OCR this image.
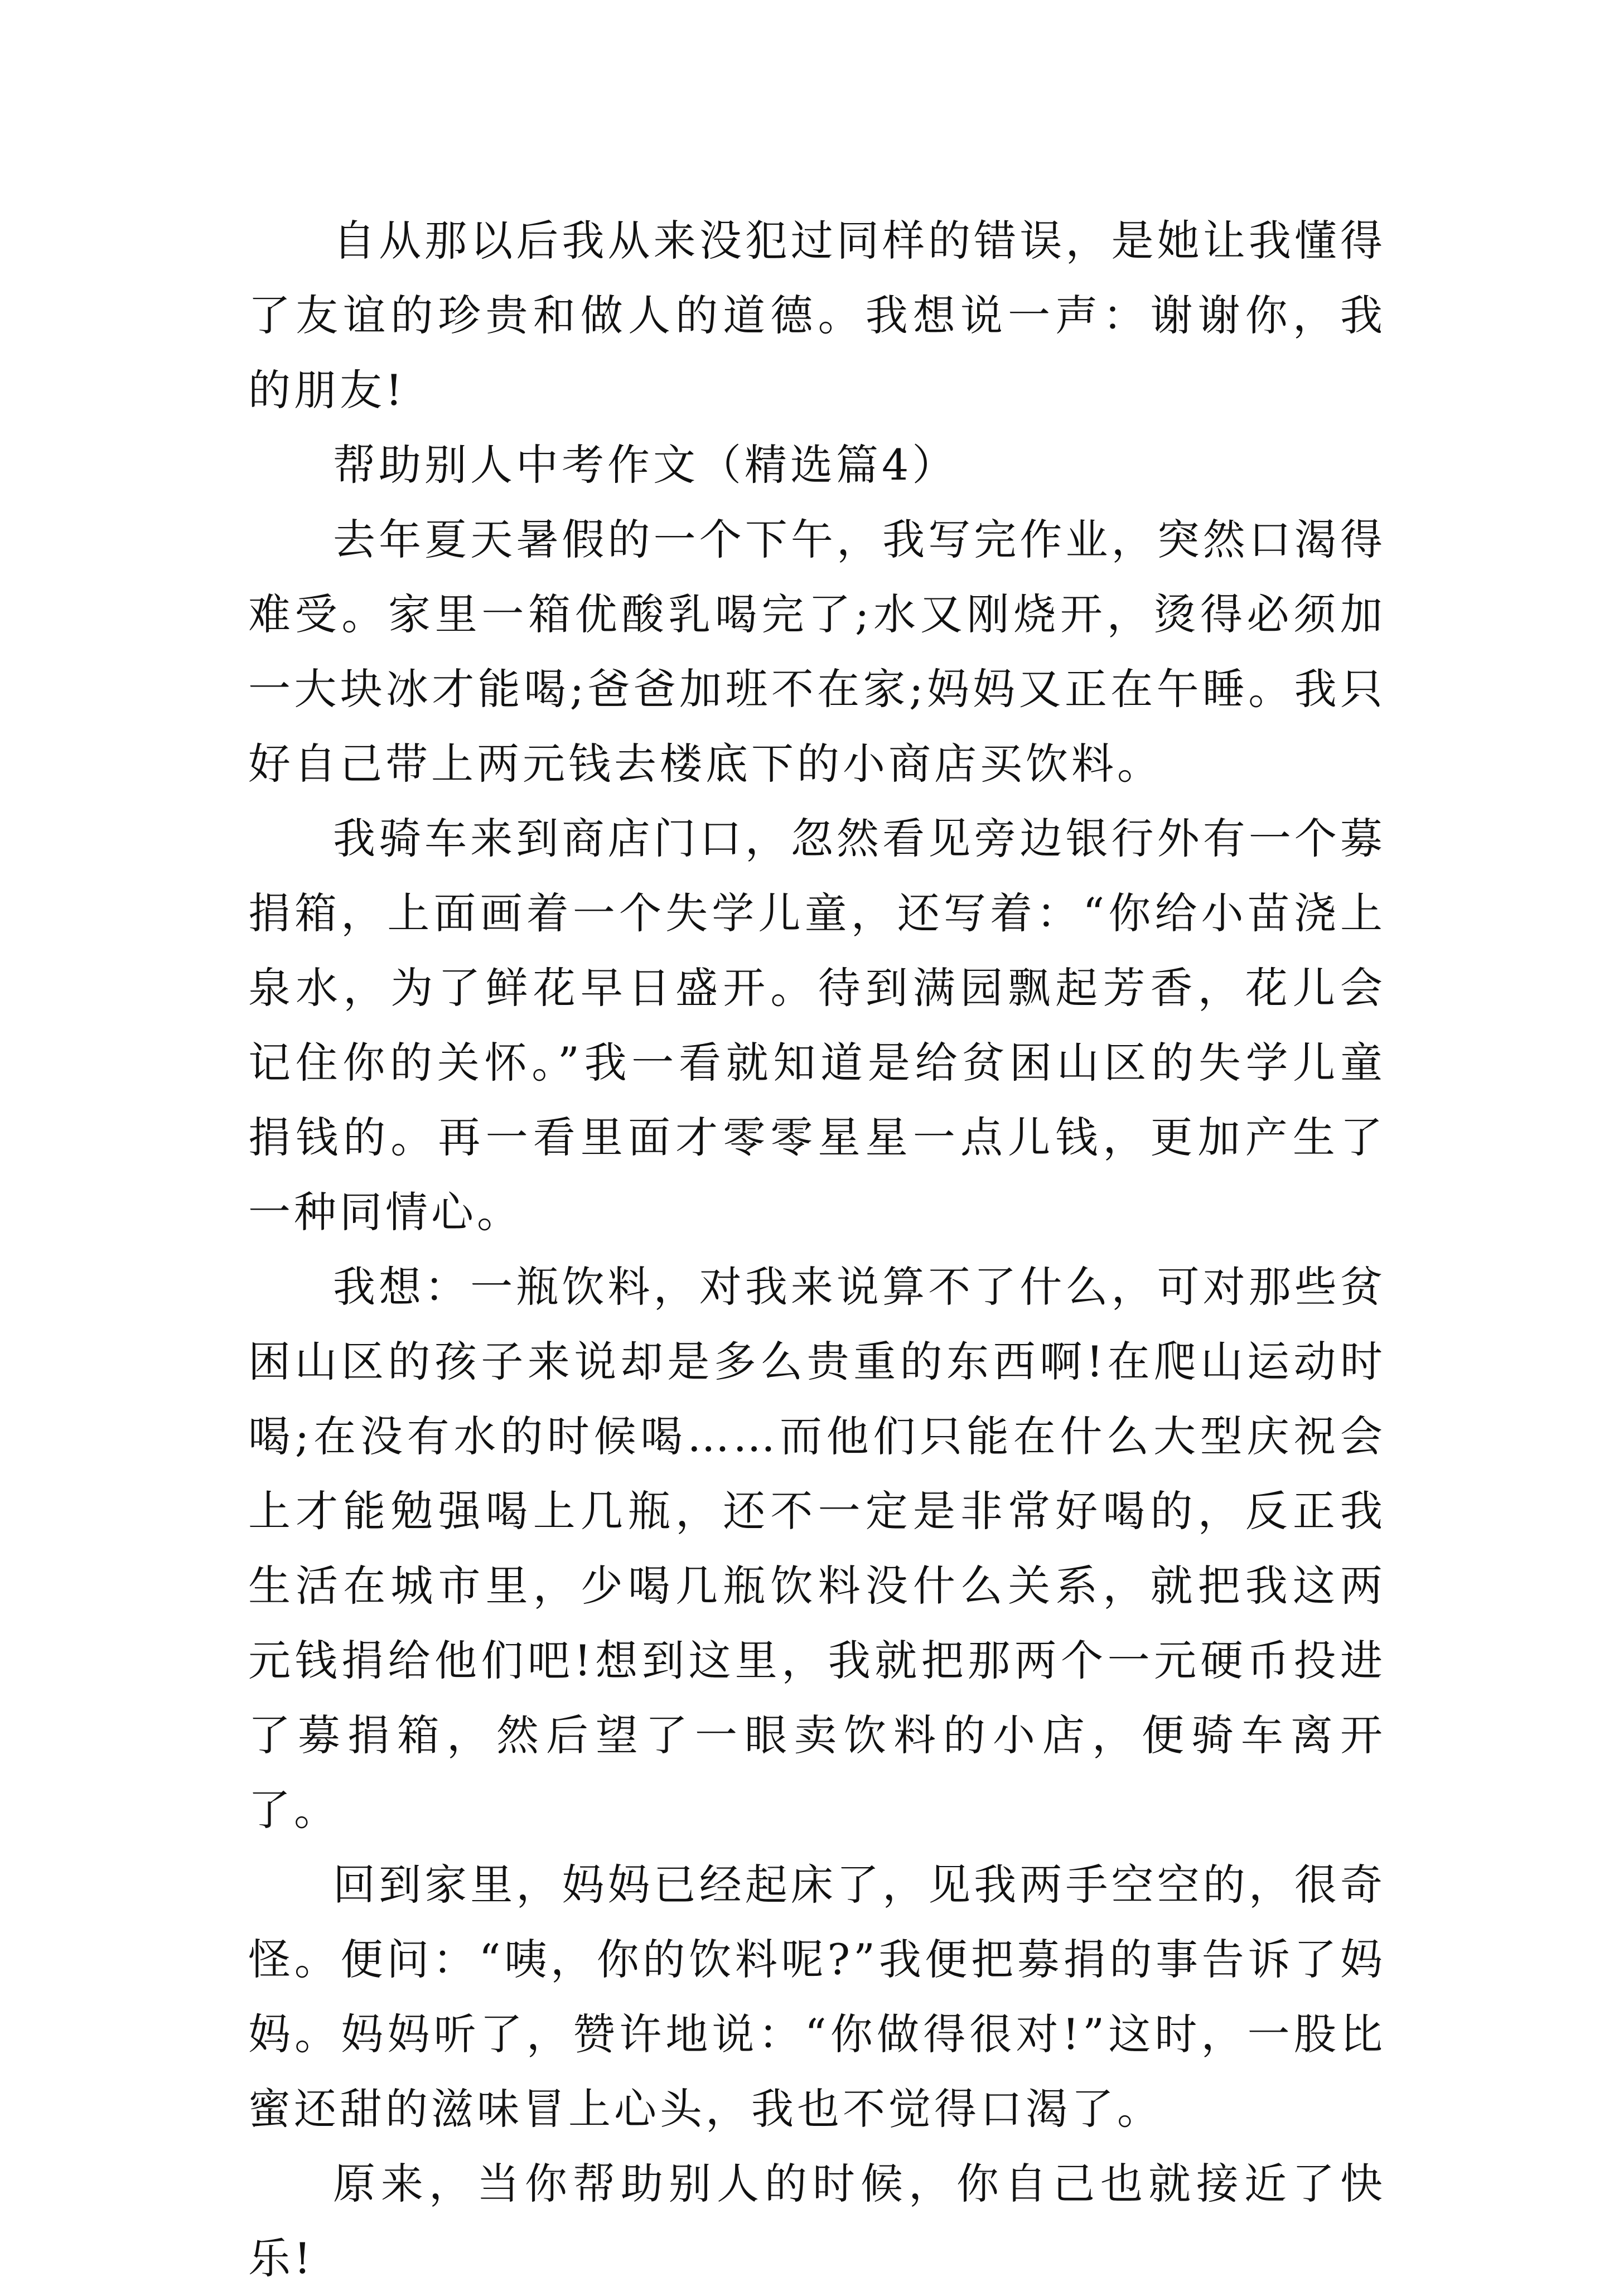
自从那以后我从来没犯过同样的错误，是她让我懂得了友谊的珍贵和做人的道德。我想说一声：谢谢你，我的朋友!

帮助别人中考作文（精选篇4）

去年夏天暑假的一个下午，我写完作业，突然口渴得难受。家里一箱优酸乳喝完了;水又刚烧开，烫得必须加一大块冰才能喝;爸爸加班不在家;妈妈又正在午睡。我只好自己带上两元钱去楼底下的小商店买饮料。

我骑车来到商店门口，忽然看见旁边银行外有一个募捐箱，上面画着一个失学儿童，还写着：“你给小苗浇上泉水，为了鲜花早日盛开。待到满园飘起芳香，花儿会记住你的关怀。”我一看就知道是给贫困山区的失学儿童捐钱的。再一看里面才零零星星一点儿钱，更加产生了一种同情心。

我想：一瓶饮料，对我来说算不了什么，可对那些贫困山区的孩子来说却是多么贵重的东西啊!在爬山运动时喝;在没有水的时候喝……而他们只能在什么大型庆祝会上才能勉强喝上几瓶，还不一定是非常好喝的，反正我生活在城市里，少喝几瓶饮料没什么关系，就把我这两元钱捐给他们吧!想到这里，我就把那两个一元硬币投进了募捐箱，然后望了一眼卖饮料的小店，便骑车离开了。

回到家里，妈妈已经起床了，见我两手空空的，很奇怪。便问：“咦，你的饮料呢?”我便把募捐的事告诉了妈妈。妈妈听了，赞许地说：“你做得很对!”这时，一股比蜜还甜的滋味冒上心头，我也不觉得口渴了。

原来，当你帮助别人的时候，你自己也就接近了快乐!
